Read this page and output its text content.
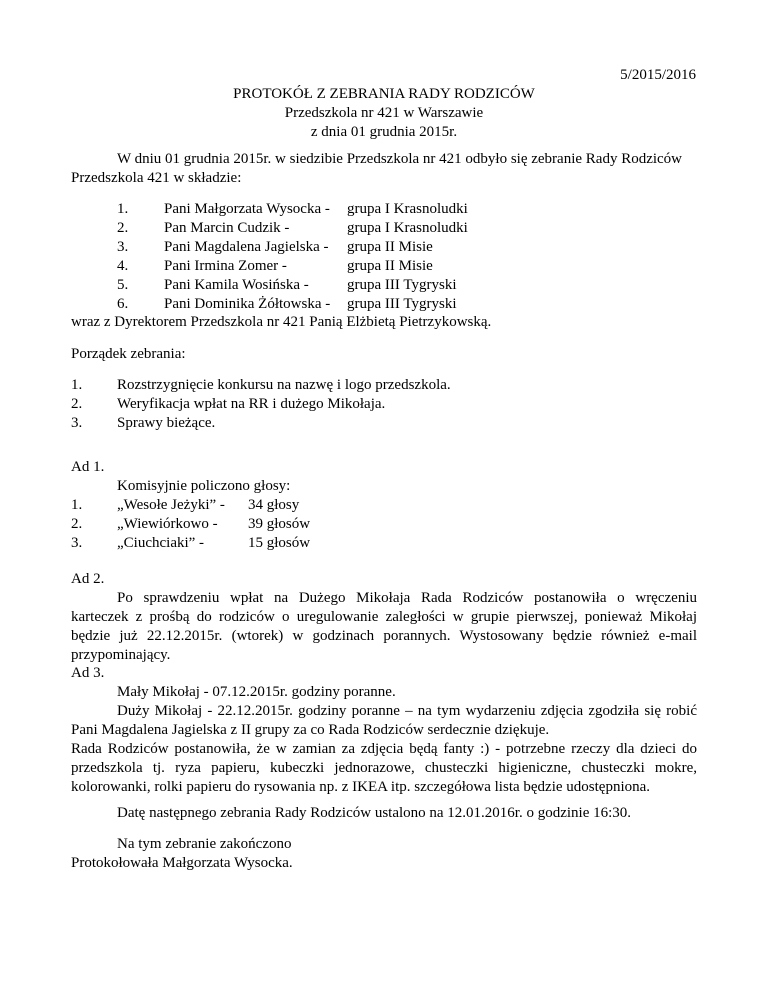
5/2015/2016
PROTOKÓŁ Z ZEBRANIA RADY RODZICÓW
Przedszkola nr 421 w Warszawie
z dnia 01 grudnia 2015r.
W dniu 01 grudnia 2015r. w siedzibie Przedszkola nr 421 odbyło się zebranie Rady Rodziców
Przedszkola 421 w składzie:
1. Pani Małgorzata Wysocka - grupa I Krasnoludki
2. Pan Marcin Cudzik -	grupa I Krasnoludki
3. Pani Magdalena Jagielska - grupa II Misie
4. Pani Irmina Zomer -	grupa II Misie
5. Pani Kamila Wosińska -	grupa III Tygryski
6. Pani Dominika Żółtowska - grupa III Tygryski
wraz z Dyrektorem Przedszkola nr 421 Panią Elżbietą Pietrzykowską.
Porządek zebrania:
1. Rozstrzygnięcie konkursu na nazwę i logo przedszkola.
2. Weryfikacja wpłat na RR i dużego Mikołaja.
3. Sprawy bieżące.
Ad 1.
Komisyjnie policzono głosy:
1. „Wesołe Jeżyki” - 34 głosy
2. „Wiewiórkowo - 39 głosów
3. „Ciuchciaki” -	15 głosów
Ad 2.
Po sprawdzeniu wpłat na Dużego Mikołaja Rada Rodziców postanowiła o wręczeniu
karteczek z prośbą do rodziców o uregulowanie zaległości w grupie pierwszej, ponieważ Mikołaj
będzie już 22.12.2015r. (wtorek) w godzinach porannych. Wystosowany będzie również e-mail
przypominający.
Ad 3.
Mały Mikołaj - 07.12.2015r. godziny poranne.
Duży Mikołaj - 22.12.2015r. godziny poranne – na tym wydarzeniu zdjęcia zgodziła się robić
Pani Magdalena Jagielska z II grupy za co Rada Rodziców serdecznie dziękuje.
Rada Rodziców postanowiła, że w zamian za zdjęcia będą fanty :) - potrzebne rzeczy dla dzieci do
przedszkola tj. ryza papieru, kubeczki jednorazowe, chusteczki higieniczne, chusteczki mokre,
kolorowanki, rolki papieru do rysowania np. z IKEA itp. szczegółowa lista będzie udostępniona.
Datę następnego zebrania Rady Rodziców ustalono na 12.01.2016r. o godzinie 16:30.
Na tym zebranie zakończono
Protokołowała Małgorzata Wysocka.
